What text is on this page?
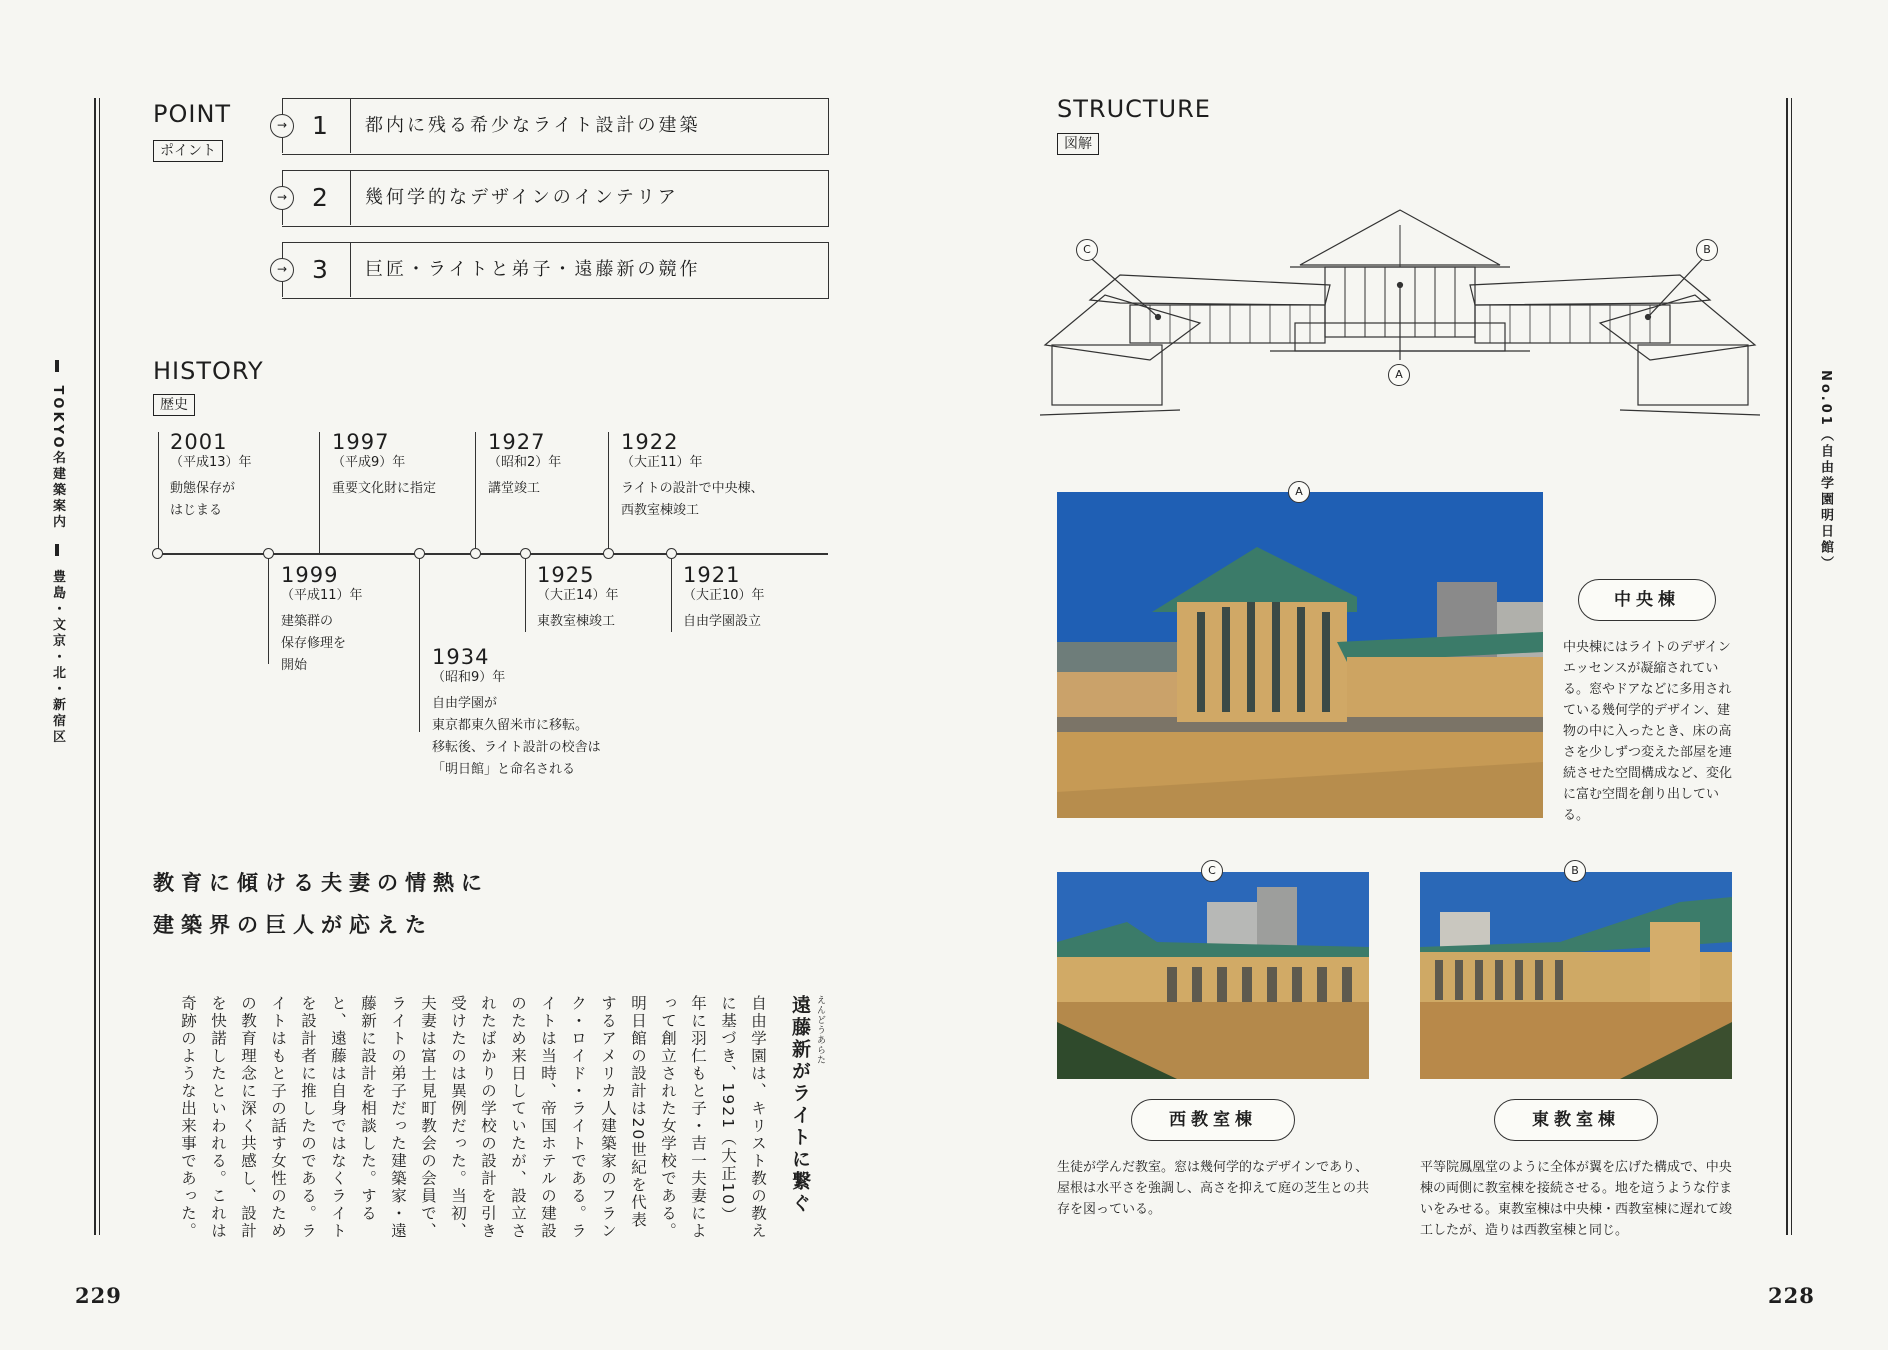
TOKYO名建築案内  豊島・文京・北・新宿区
No.01（自由学園明日館）
POINT
ポイント
→ 1	都内に残る希少なライト設計の建築
→ 2	幾何学的なデザインのインテリア
→ 3	巨匠・ライトと弟子・遠藤新の競作
HISTORY
歴史
2001
（平成13）年
動態保存が
はじまる
1997
（平成9）年
重要文化財に指定
1927
（昭和2）年
講堂竣工
1922
（大正11）年
ライトの設計で中央棟、
西教室棟竣工
1999
（平成11）年
建築群の
保存修理を
開始	1934
（昭和9）年
自由学園が
東京都東久留米市に移転。
移転後、ライト設計の校舎は
「明日館」と命名される
1925
（大正14）年
東教室棟竣工
1921
（大正10）年
自由学園設立
教育に傾ける夫妻の情熱に
建築界の巨人が応えた
えんどうあらた
遠藤新がライトに繋ぐ
自由学園は、キリスト教の教えに基づき、1921（大正10）年に羽仁もと子・吉一夫妻によって創立された女学校である。明日館の設計は20世紀を代表するアメリカ人建築家のフランク・ロイド・ライトである。ライトは当時、帝国ホテルの建設のため来日していたが、設立されたばかりの学校の設計を引き受けたのは異例だった。当初、夫妻は富士見町教会の会員で、ライトの弟子だった建築家・遠藤新に設計を相談した。すると、遠藤は自身ではなくライトを設計者に推したのである。ライトはもと子の話す女性のための教育理念に深く共感し、設計を快諾したといわれる。これは奇跡のような出来事であった。
STRUCTURE
図解
C	B
A
A
中央棟
中央棟にはライトのデザインエッセンスが凝縮されている。窓やドアなどに多用されている幾何学的デザイン、建物の中に入ったとき、床の高さを少しずつ変えた部屋を連続させた空間構成など、変化に富む空間を創り出している。
C
西教室棟
生徒が学んだ教室。窓は幾何学的なデザインであり、屋根は水平さを強調し、高さを抑えて庭の芝生との共存を図っている。
B
東教室棟
平等院鳳凰堂のように全体が翼を広げた構成で、中央棟の両側に教室棟を接続させる。地を這うような佇まいをみせる。東教室棟は中央棟・西教室棟に遅れて竣工したが、造りは西教室棟と同じ。
229	228
